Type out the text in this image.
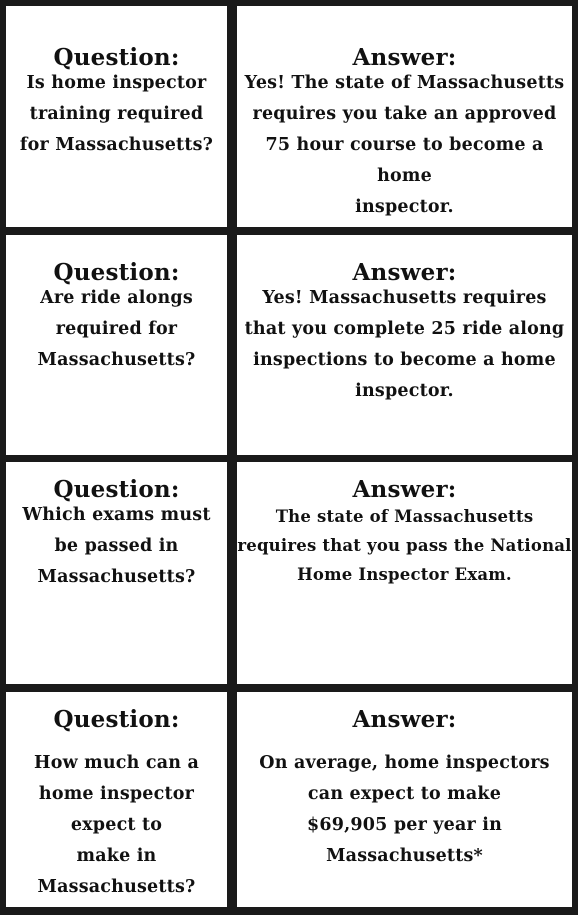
Question:
Is home inspector
training required
for Massachusetts?
Answer:
Yes! The state of Massachusetts
requires you take an approved
75 hour course to become a home
inspector.
Question:
Are ride alongs
required for
Massachusetts?
Answer:
Yes! Massachusetts requires
that you complete 25 ride along
inspections to become a home
inspector.
Question:
Which exams must
be passed in
Massachusetts?
Answer:
The state of Massachusetts
requires that you pass the National
Home Inspector Exam.
Question:
How much can a
home inspector
expect to
make in
Massachusetts?
Answer:
On average, home inspectors
can expect to make
$69,905 per year in
Massachusetts*
